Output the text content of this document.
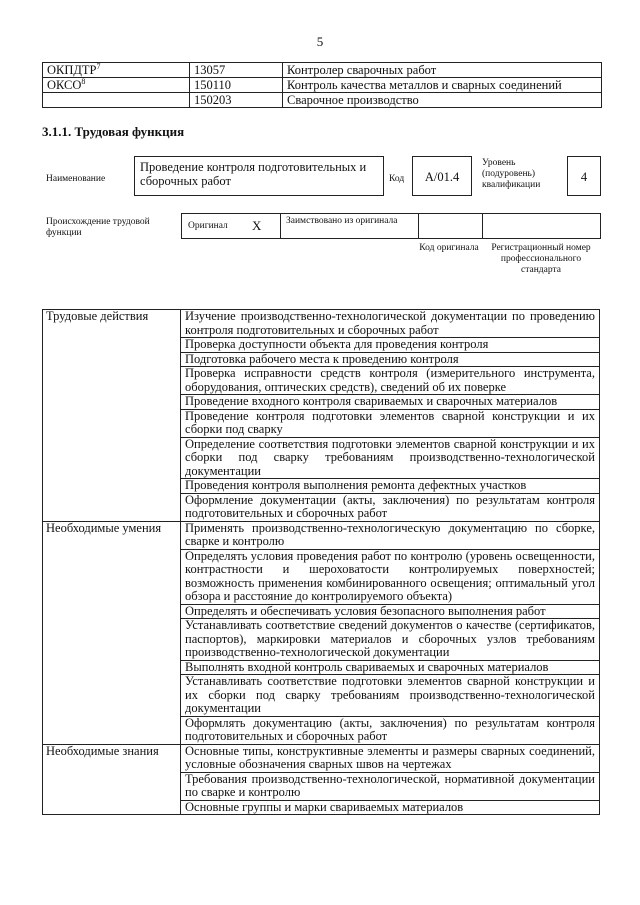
5
ОКПДТР$^7$	13057	Контролер сварочных работ
ОКСО$^8$	150110	Контроль качества металлов и сварных соединений
	150203	Сварочное производство
3.1.1. Трудовая функция
Наименование
Проведение контроля подготовительных и сборочных работ	Код	A/01.4
Уровень (подуровень) квалификации
4
Происхождение трудовой функции
Оригинал X	Заимствовано из оригинала
Код оригинала	Регистрационный номер профессионального стандарта
Трудовые действия	Изучение производственно-технологической документации по проведению контроля подготовительных и сборочных работ
	Проверка доступности объекта для проведения контроля
	Подготовка рабочего места к проведению контроля
	Проверка исправности средств контроля (измерительного инструмента, оборудования, оптических средств), сведений об их поверке
	Проведение входного контроля свариваемых и сварочных материалов
	Проведение контроля подготовки элементов сварной конструкции и их сборки под сварку
	Определение соответствия подготовки элементов сварной конструкции и их сборки под сварку требованиям производственно-технологической документации
	Проведения контроля выполнения ремонта дефектных участков
	Оформление документации (акты, заключения) по результатам контроля подготовительных и сборочных работ
Необходимые умения	Применять производственно-технологическую документацию по сборке, сварке и контролю
	Определять условия проведения работ по контролю (уровень освещенности, контрастности и шероховатости контролируемых поверхностей; возможность применения комбинированного освещения; оптимальный угол обзора и расстояние до контролируемого объекта)
	Определять и обеспечивать условия безопасного выполнения работ
	Устанавливать соответствие сведений документов о качестве (сертификатов, паспортов), маркировки материалов и сборочных узлов требованиям производственно-технологической документации
	Выполнять входной контроль свариваемых и сварочных материалов
	Устанавливать соответствие подготовки элементов сварной конструкции и их сборки под сварку требованиям производственно-технологической документации
	Оформлять документацию (акты, заключения) по результатам контроля подготовительных и сборочных работ
Необходимые знания	Основные типы, конструктивные элементы и размеры сварных соединений, условные обозначения сварных швов на чертежах
	Требования производственно-технологической, нормативной документации по сварке и контролю
	Основные группы и марки свариваемых материалов
